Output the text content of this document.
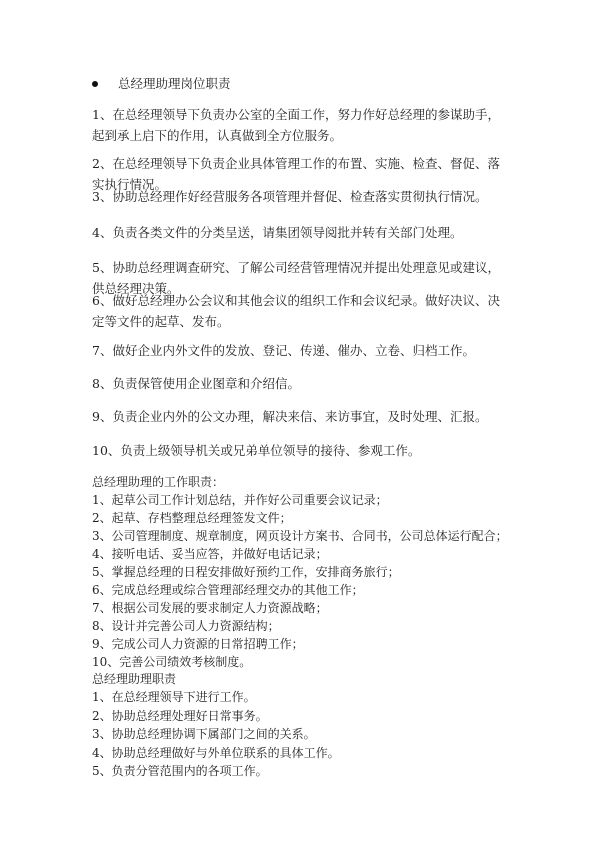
总经理助理岗位职责

1、在总经理领导下负责办公室的全面工作，努力作好总经理的参谋助手，起到承上启下的作用，认真做到全方位服务。

2、在总经理领导下负责企业具体管理工作的布置、实施、检查、督促、落实执行情况。

3、协助总经理作好经营服务各项管理并督促、检查落实贯彻执行情况。

4、负责各类文件的分类呈送，请集团领导阅批并转有关部门处理。

5、协助总经理调查研究、了解公司经营管理情况并提出处理意见或建议，供总经理决策。

6、做好总经理办公会议和其他会议的组织工作和会议纪录。做好决议、决定等文件的起草、发布。

7、做好企业内外文件的发放、登记、传递、催办、立卷、归档工作。

8、负责保管使用企业图章和介绍信。

9、负责企业内外的公文办理，解决来信、来访事宜，及时处理、汇报。

10、负责上级领导机关或兄弟单位领导的接待、参观工作。

总经理助理的工作职责：

1、起草公司工作计划总结，并作好公司重要会议记录；
2、起草、存档整理总经理签发文件；
3、公司管理制度、规章制度，网页设计方案书、合同书，公司总体运行配合；
4、接听电话、妥当应答，并做好电话记录；
5、掌握总经理的日程安排做好预约工作，安排商务旅行；
6、完成总经理或综合管理部经理交办的其他工作；
7、根据公司发展的要求制定人力资源战略；
8、设计并完善公司人力资源结构；
9、完成公司人力资源的日常招聘工作；
10、完善公司绩效考核制度。

总经理助理职责

1、在总经理领导下进行工作。
2、协助总经理处理好日常事务。
3、协助总经理协调下属部门之间的关系。
4、协助总经理做好与外单位联系的具体工作。
5、负责分管范围内的各项工作。
